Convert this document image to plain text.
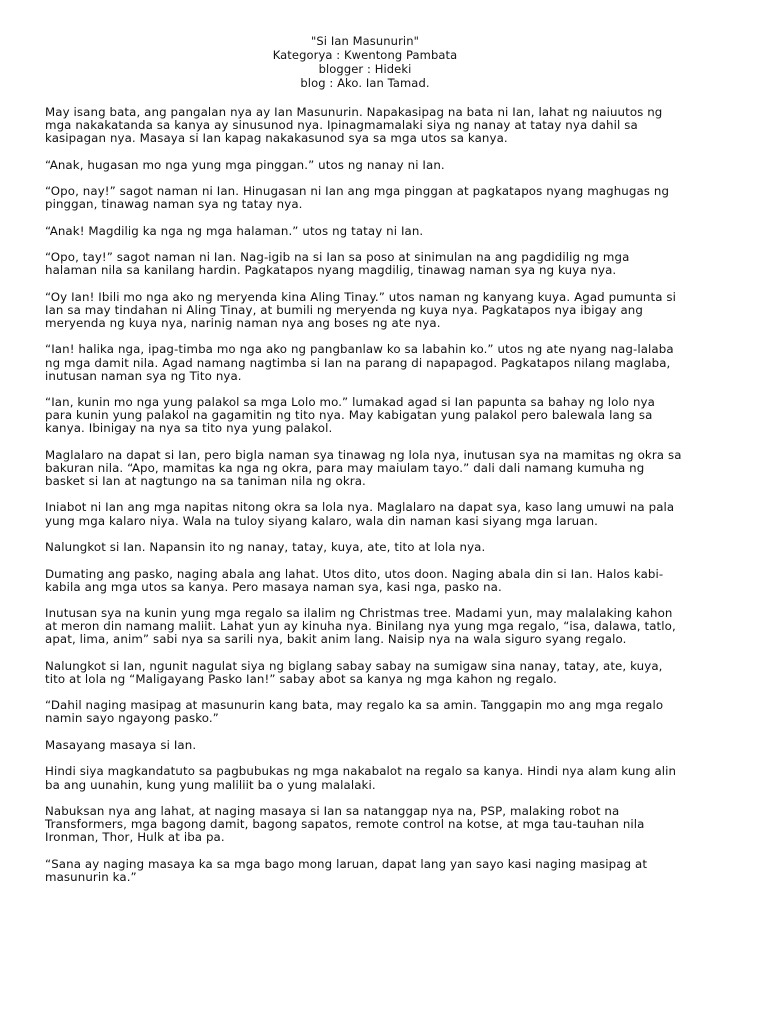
"Si Ian Masunurin"
Kategorya : Kwentong Pambata
blogger : Hideki
blog : Ako. Ian Tamad.

May isang bata, ang pangalan nya ay Ian Masunurin. Napakasipag na bata ni Ian, lahat ng naiuutos ng mga nakakatanda sa kanya ay sinusunod nya. Ipinagmamalaki siya ng nanay at tatay nya dahil sa kasipagan nya. Masaya si Ian kapag nakakasunod sya sa mga utos sa kanya.

“Anak, hugasan mo nga yung mga pinggan.” utos ng nanay ni Ian.

“Opo, nay!” sagot naman ni Ian. Hinugasan ni Ian ang mga pinggan at pagkatapos nyang maghugas ng pinggan, tinawag naman sya ng tatay nya.

“Anak! Magdilig ka nga ng mga halaman.” utos ng tatay ni Ian.

“Opo, tay!” sagot naman ni Ian. Nag-igib na si Ian sa poso at sinimulan na ang pagdidilig ng mga halaman nila sa kanilang hardin. Pagkatapos nyang magdilig, tinawag naman sya ng kuya nya.

“Oy Ian! Ibili mo nga ako ng meryenda kina Aling Tinay.” utos naman ng kanyang kuya. Agad pumunta si Ian sa may tindahan ni Aling Tinay, at bumili ng meryenda ng kuya nya. Pagkatapos nya ibigay ang meryenda ng kuya nya, narinig naman nya ang boses ng ate nya.

“Ian! halika nga, ipag-timba mo nga ako ng pangbanlaw ko sa labahin ko.” utos ng ate nyang nag-lalaba ng mga damit nila. Agad namang nagtimba si Ian na parang di napapagod. Pagkatapos nilang maglaba, inutusan naman sya ng Tito nya.

“Ian, kunin mo nga yung palakol sa mga Lolo mo.” lumakad agad si Ian papunta sa bahay ng lolo nya para kunin yung palakol na gagamitin ng tito nya. May kabigatan yung palakol pero balewala lang sa kanya. Ibinigay na nya sa tito nya yung palakol.

Maglalaro na dapat si Ian, pero bigla naman sya tinawag ng lola nya, inutusan sya na mamitas ng okra sa bakuran nila. “Apo, mamitas ka nga ng okra, para may maiulam tayo.” dali dali namang kumuha ng basket si Ian at nagtungo na sa taniman nila ng okra.

Iniabot ni Ian ang mga napitas nitong okra sa lola nya. Maglalaro na dapat sya, kaso lang umuwi na pala yung mga kalaro niya. Wala na tuloy siyang kalaro, wala din naman kasi siyang mga laruan.

Nalungkot si Ian. Napansin ito ng nanay, tatay, kuya, ate, tito at lola nya.

Dumating ang pasko, naging abala ang lahat. Utos dito, utos doon. Naging abala din si Ian. Halos kabi-kabila ang mga utos sa kanya. Pero masaya naman sya, kasi nga, pasko na.

Inutusan sya na kunin yung mga regalo sa ilalim ng Christmas tree. Madami yun, may malalaking kahon at meron din namang maliit. Lahat yun ay kinuha nya. Binilang nya yung mga regalo, “isa, dalawa, tatlo, apat, lima, anim” sabi nya sa sarili nya, bakit anim lang. Naisip nya na wala siguro syang regalo.

Nalungkot si Ian, ngunit nagulat siya ng biglang sabay sabay na sumigaw sina nanay, tatay, ate, kuya, tito at lola ng “Maligayang Pasko Ian!” sabay abot sa kanya ng mga kahon ng regalo.

“Dahil naging masipag at masunurin kang bata, may regalo ka sa amin. Tanggapin mo ang mga regalo namin sayo ngayong pasko.”

Masayang masaya si Ian.

Hindi siya magkandatuto sa pagbubukas ng mga nakabalot na regalo sa kanya. Hindi nya alam kung alin ba ang uunahin, kung yung maliliit ba o yung malalaki.

Nabuksan nya ang lahat, at naging masaya si Ian sa natanggap nya na, PSP, malaking robot na Transformers, mga bagong damit, bagong sapatos, remote control na kotse, at mga tau-tauhan nila Ironman, Thor, Hulk at iba pa.

“Sana ay naging masaya ka sa mga bago mong laruan, dapat lang yan sayo kasi naging masipag at masunurin ka.”
